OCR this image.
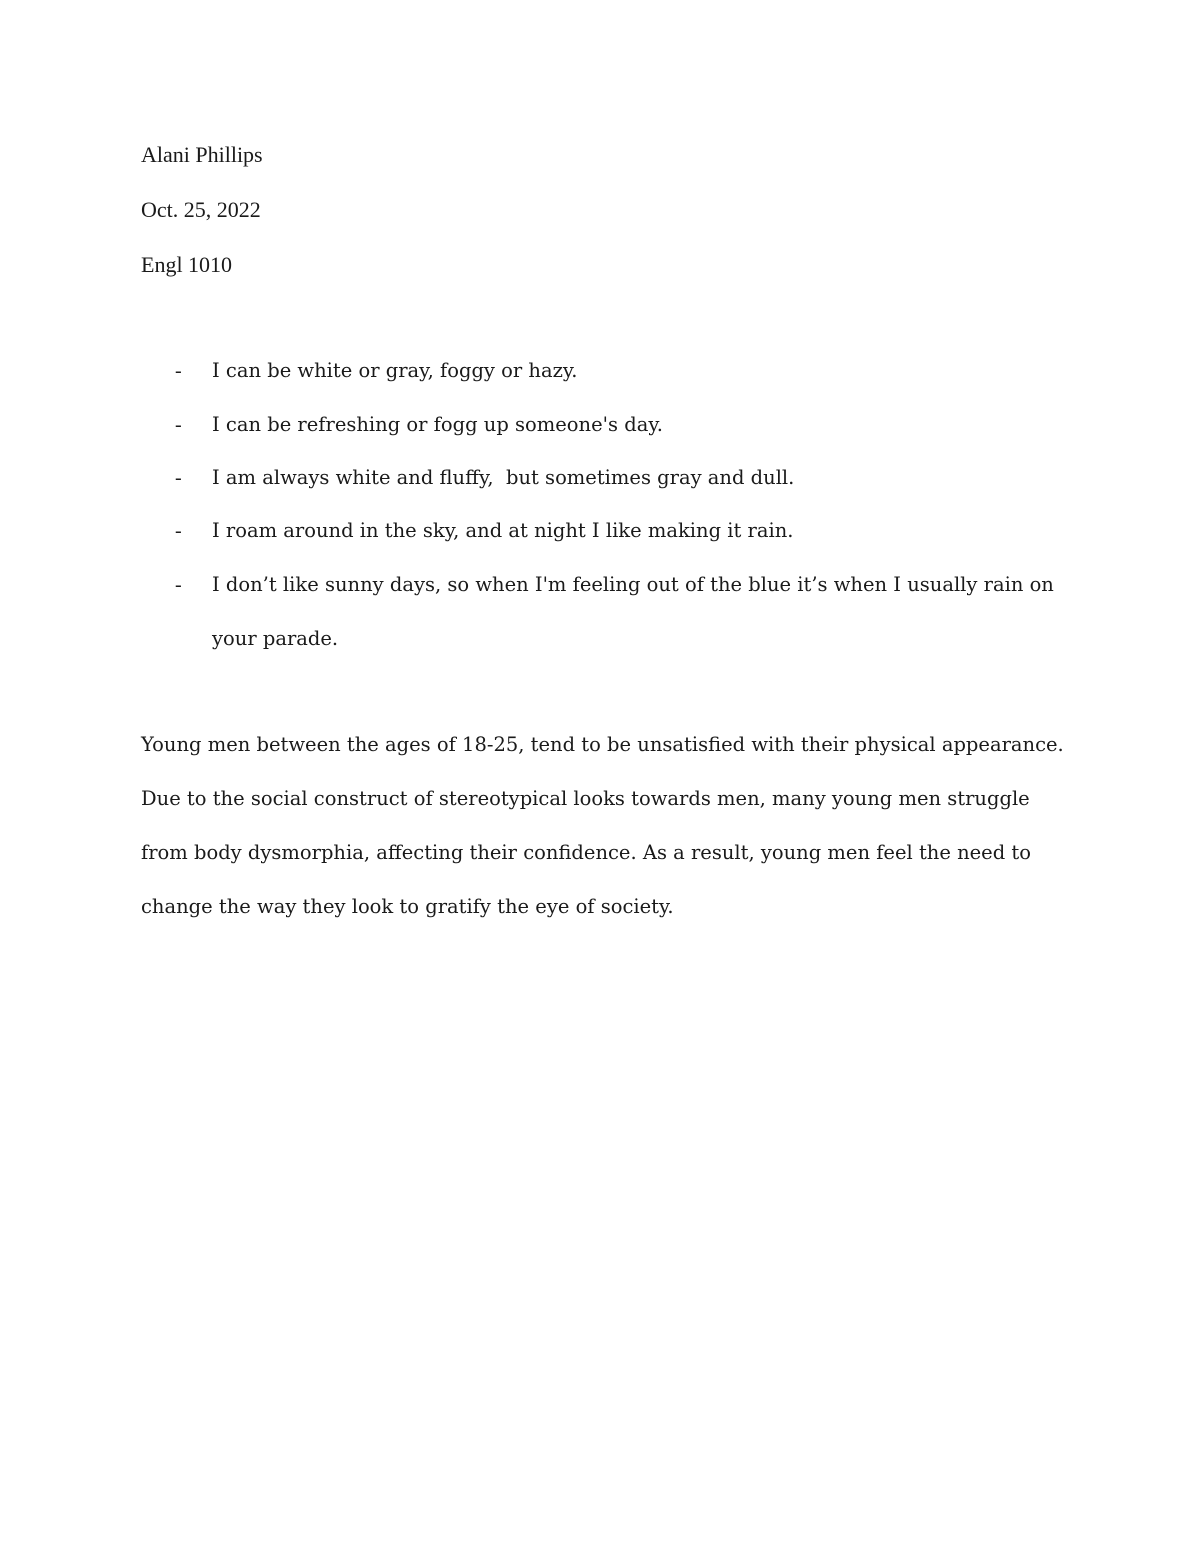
Alani Phillips

Oct. 25, 2022

Engl 1010

- I can be white or gray, foggy or hazy.
- I can be refreshing or fogg up someone's day.
- I am always white and fluffy,  but sometimes gray and dull.
- I roam around in the sky, and at night I like making it rain.
- I don’t like sunny days, so when I'm feeling out of the blue it’s when I usually rain on your parade.

Young men between the ages of 18-25, tend to be unsatisfied with their physical appearance. Due to the social construct of stereotypical looks towards men, many young men struggle from body dysmorphia, affecting their confidence. As a result, young men feel the need to change the way they look to gratify the eye of society.
